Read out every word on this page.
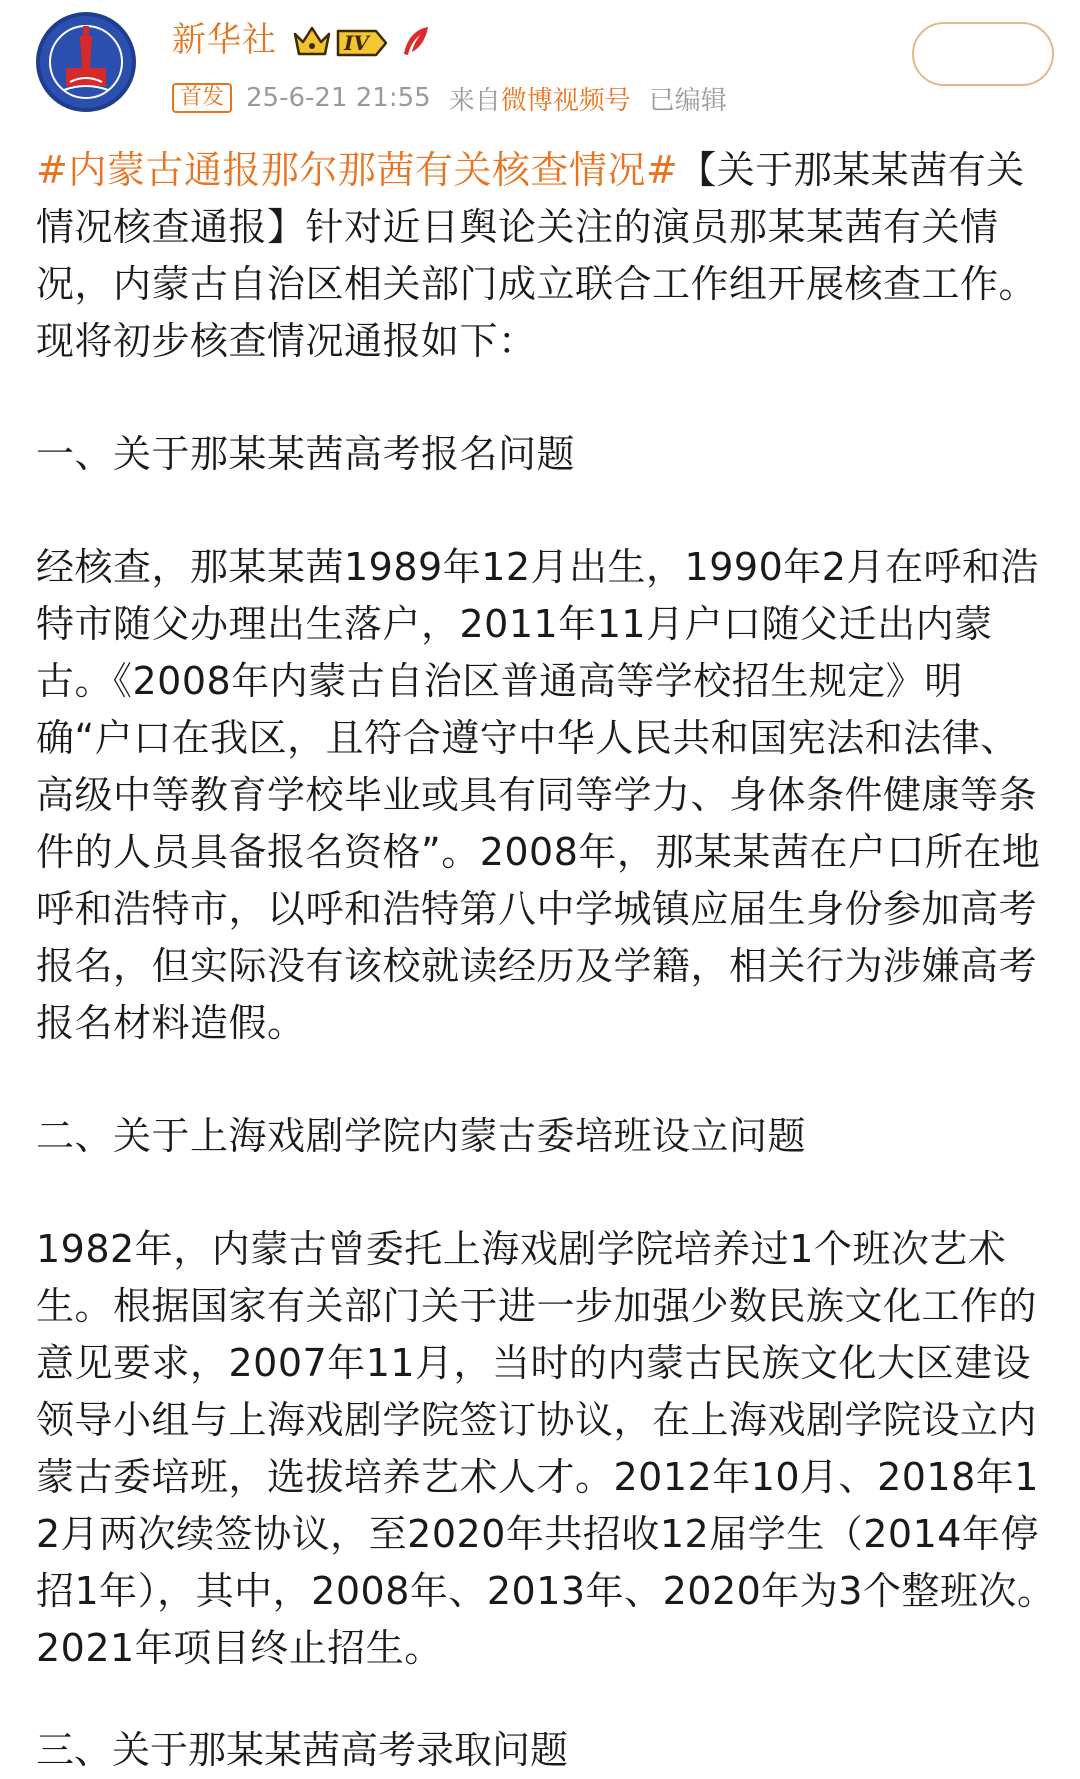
新华社	IV
首发 25-6-21 21:55 来自 微博视频号 已编辑

#内蒙古通报那尔那茜有关核查情况#【关于那某某茜有关情况核查通报】针对近日舆论关注的演员那某某茜有关情况，内蒙古自治区相关部门成立联合工作组开展核查工作。现将初步核查情况通报如下：

一、关于那某某茜高考报名问题

经核查，那某某茜1989年12月出生，1990年2月在呼和浩特市随父办理出生落户，2011年11月户口随父迁出内蒙古。《2008年内蒙古自治区普通高等学校招生规定》明确“户口在我区，且符合遵守中华人民共和国宪法和法律、高级中等教育学校毕业或具有同等学力、身体条件健康等条件的人员具备报名资格”。2008年，那某某茜在户口所在地呼和浩特市，以呼和浩特第八中学城镇应届生身份参加高考报名，但实际没有该校就读经历及学籍，相关行为涉嫌高考报名材料造假。

二、关于上海戏剧学院内蒙古委培班设立问题

1982年，内蒙古曾委托上海戏剧学院培养过1个班次艺术生。根据国家有关部门关于进一步加强少数民族文化工作的意见要求，2007年11月，当时的内蒙古民族文化大区建设领导小组与上海戏剧学院签订协议，在上海戏剧学院设立内蒙古委培班，选拔培养艺术人才。2012年10月、2018年12月两次续签协议，至2020年共招收12届学生（2014年停招1年），其中，2008年、2013年、2020年为3个整班次。2021年项目终止招生。

三、关于那某某茜高考录取问题
